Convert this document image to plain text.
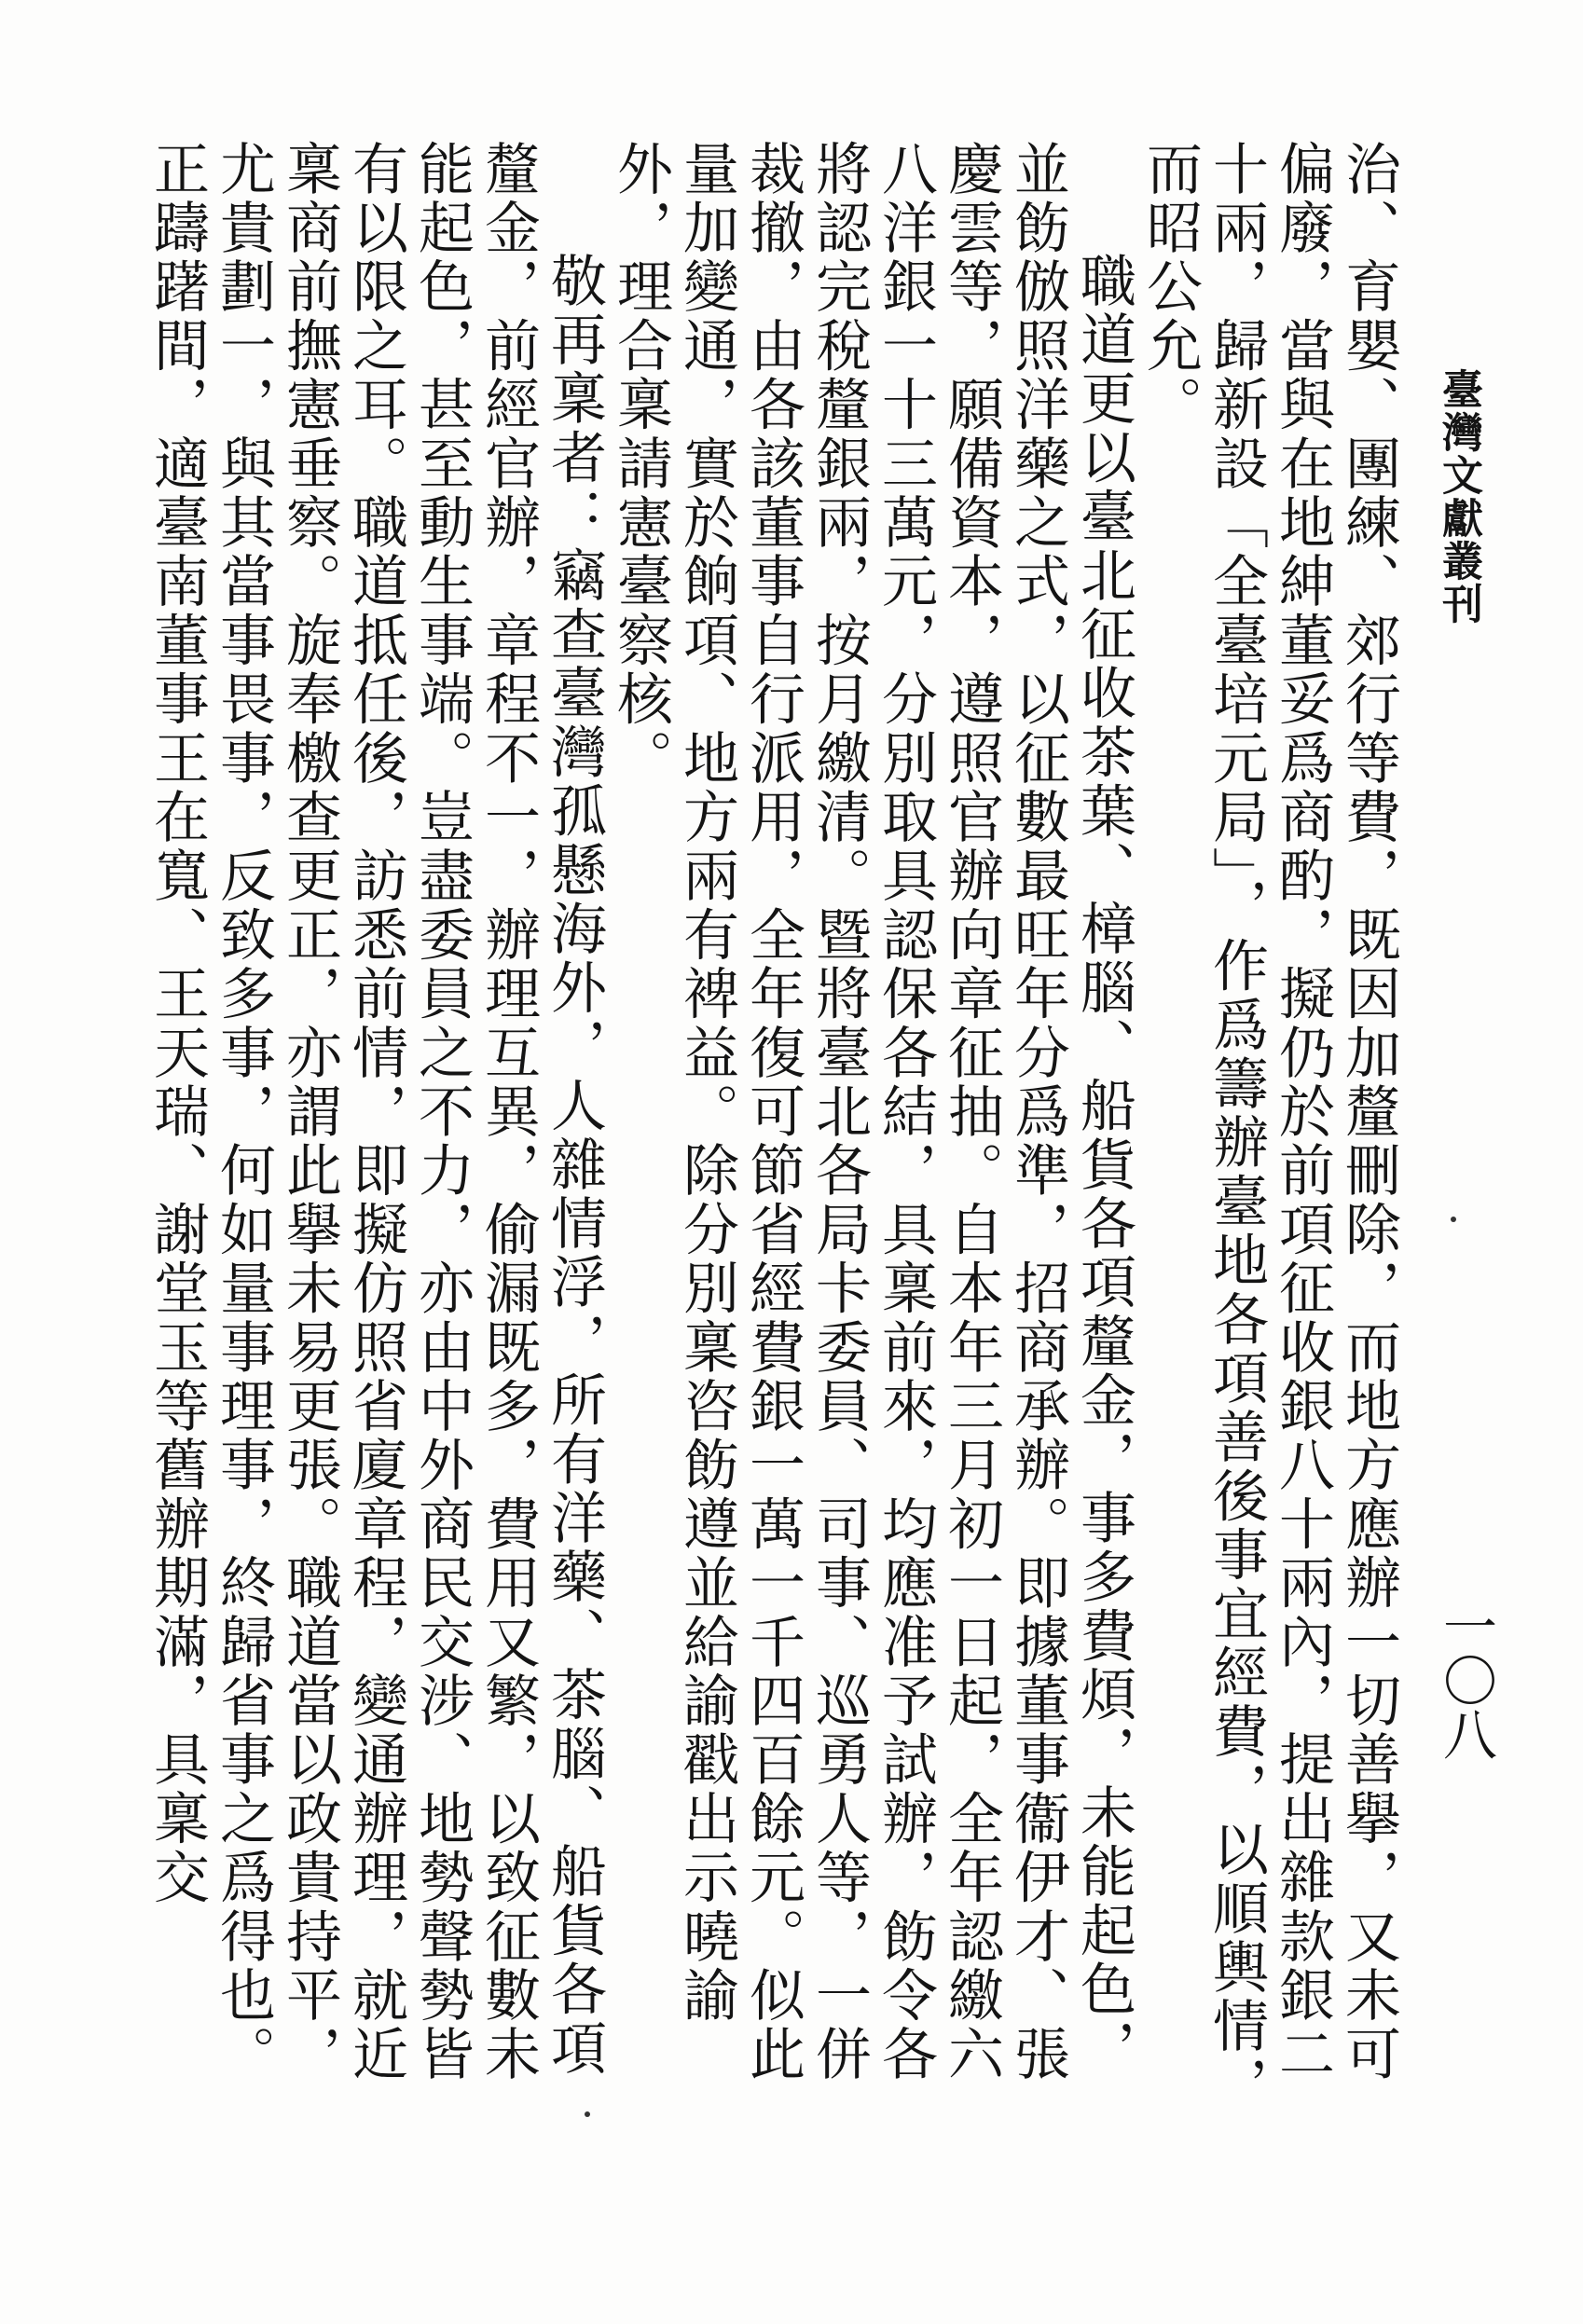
臺灣文獻叢刊
一〇八

治、育嬰、團練、郊行等費，既因加釐刪除，而地方應辦一切善擧，又未可偏廢，當與在地紳董妥爲商酌，擬仍於前項征收銀八十兩內，提出雜款銀二十兩，歸新設「全臺培元局」，作爲籌辦臺地各項善後事宜經費，以順輿情，而昭公允。

職道更以臺北征收茶葉、樟腦、船貨各項釐金，事多費煩，未能起色，並飭倣照洋藥之式，以征數最旺年分爲準，招商承辦。即據董事衞伊才、張慶雲等，願備資本，遵照官辦向章征抽。自本年三月初一日起，全年認繳六八洋銀一十三萬元，分別取具認保各結，具稟前來，均應准予試辦，飭令各將認完稅釐銀兩，按月繳清。暨將臺北各局卡委員、司事、巡勇人等，一併裁撤，由各該董事自行派用，全年復可節省經費銀一萬一千四百餘元。似此量加變通，實於餉項、地方兩有裨益。除分別稟咨飭遵並給諭戳出示曉諭外，理合稟請憲臺察核。

敬再稟者：竊查臺灣孤懸海外，人雜情浮，所有洋藥、茶腦、船貨各項釐金，前經官辦，章程不一，辦理互異，偷漏既多，費用又繁，以致征數未能起色，甚至動生事端。豈盡委員之不力，亦由中外商民交涉、地勢聲勢皆有以限之耳。職道抵任後，訪悉前情，即擬仿照省廈章程，變通辦理，就近稟商前撫憲垂察。旋奉檄查更正，亦謂此擧未易更張。職道當以政貴持平，尤貴劃一，與其當事畏事，反致多事，何如量事理事，終歸省事之爲得也。正躊躇間，適臺南董事王在寬、王天瑞、謝堂玉等舊辦期滿，具稟交
